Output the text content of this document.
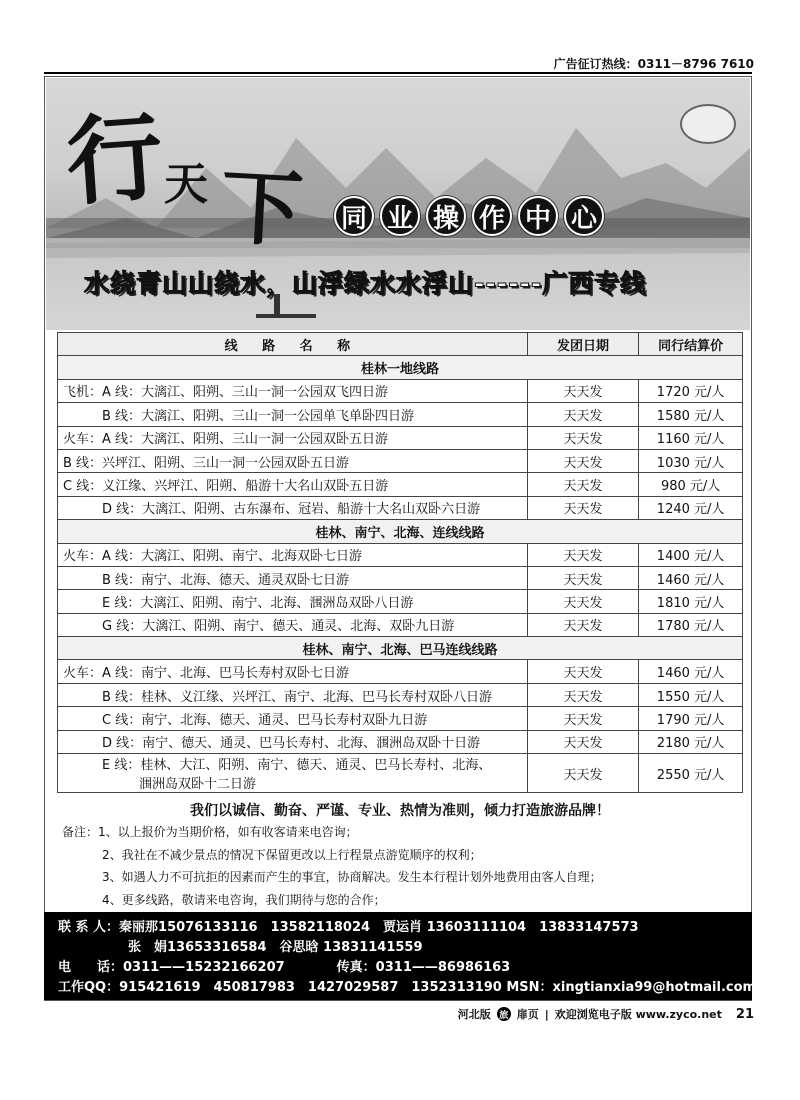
广告征订热线：0311－8796 7610
行
天 下 同 业 操 作 中 心
水绕青山山绕水，山浮绿水水浮山------广西专线
线 路 名 称	发团日期	同行结算价
桂林一地线路		
飞机：A 线：大漓江、阳朔、三山一洞一公园双飞四日游	天天发	1720 元/人
　　　B 线：大漓江、阳朔、三山一洞一公园单飞单卧四日游	天天发	1580 元/人
火车：A 线：大漓江、阳朔、三山一洞一公园双卧五日游	天天发	1160 元/人
B 线：兴坪江、阳朔、三山一洞一公园双卧五日游	天天发	1030 元/人
C 线：义江缘、兴坪江、阳朔、船游十大名山双卧五日游	天天发	980 元/人
　　　D 线：大漓江、阳朔、古东瀑布、冠岩、船游十大名山双卧六日游	天天发	1240 元/人
桂林、南宁、北海、连线线路		
火车：A 线：大漓江、阳朔、南宁、北海双卧七日游	天天发	1400 元/人
　　　B 线：南宁、北海、德天、通灵双卧七日游	天天发	1460 元/人
　　　E 线：大漓江、阳朔、南宁、北海、涠洲岛双卧八日游	天天发	1810 元/人
　　　G 线：大漓江、阳朔、南宁、德天、通灵、北海、双卧九日游	天天发	1780 元/人
桂林、南宁、北海、巴马连线线路		
火车：A 线：南宁、北海、巴马长寿村双卧七日游	天天发	1460 元/人
　　　B 线：桂林、义江缘、兴坪江、南宁、北海、巴马长寿村双卧八日游	天天发	1550 元/人
　　　C 线：南宁、北海、德天、通灵、巴马长寿村双卧九日游	天天发	1790 元/人
　　　D 线：南宁、德天、通灵、巴马长寿村、北海、涠洲岛双卧十日游	天天发	2180 元/人
　　　E 线：桂林、大江、阳朔、南宁、德天、通灵、巴马长寿村、北海、
涠洲岛双卧十二日游	天天发	2550 元/人
我们以诚信、勤奋、严谨、专业、热情为准则，倾力打造旅游品牌！
备注：1、以上报价为当期价格，如有收客请来电咨询；
2、我社在不减少景点的情况下保留更改以上行程景点游览顺序的权利；
3、如遇人力不可抗拒的因素而产生的事宜，协商解决。发生本行程计划外地费用由客人自理；
4、更多线路，敬请来电咨询，我们期待与您的合作；
联 系 人：秦丽那15076133116　13582118024　贾运肖 13603111104　13833147573
张　娟13653316584　谷思晗 13831141559
电　　话：0311——15232166207　　　　传真：0311——86986163
工作QQ：915421619　450817983　1427029587　1352313190 MSN：xingtianxia99@hotmail.com
河北版 旅 扉页 | 欢迎浏览电子版 www.zyco.net 21
